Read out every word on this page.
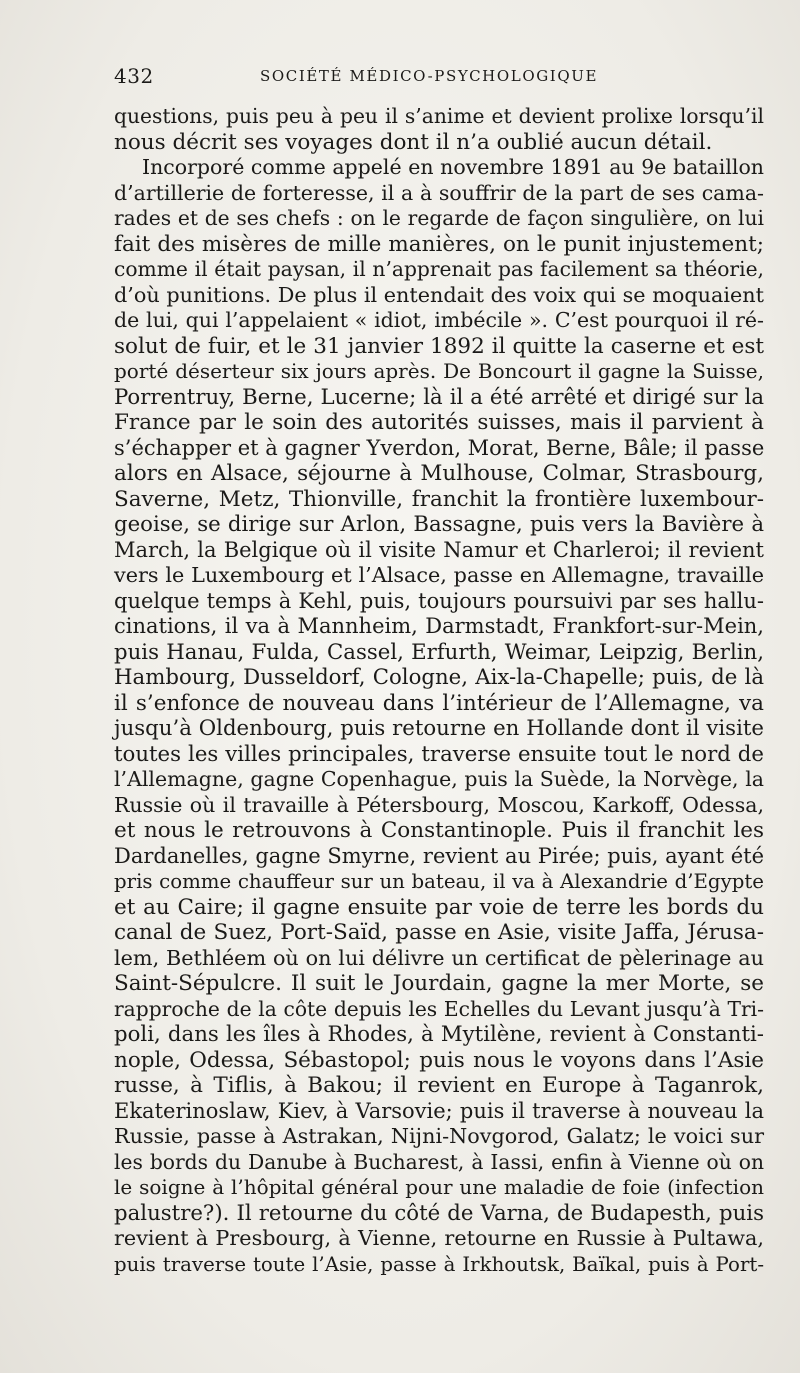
432	SOCIÉTÉ MÉDICO-PSYCHOLOGIQUE
questions, puis peu à peu il s’anime et devient prolixe lorsqu’il
nous décrit ses voyages dont il n’a oublié aucun détail.
Incorporé comme appelé en novembre 1891 au 9e bataillon
d’artillerie de forteresse, il a à souffrir de la part de ses cama-
rades et de ses chefs : on le regarde de façon singulière, on lui
fait des misères de mille manières, on le punit injustement;
comme il était paysan, il n’apprenait pas facilement sa théorie,
d’où punitions. De plus il entendait des voix qui se moquaient
de lui, qui l’appelaient « idiot, imbécile ». C’est pourquoi il ré-
solut de fuir, et le 31 janvier 1892 il quitte la caserne et est
porté déserteur six jours après. De Boncourt il gagne la Suisse,
Porrentruy, Berne, Lucerne; là il a été arrêté et dirigé sur la
France par le soin des autorités suisses, mais il parvient à
s’échapper et à gagner Yverdon, Morat, Berne, Bâle; il passe
alors en Alsace, séjourne à Mulhouse, Colmar, Strasbourg,
Saverne, Metz, Thionville, franchit la frontière luxembour-
geoise, se dirige sur Arlon, Bassagne, puis vers la Bavière à
March, la Belgique où il visite Namur et Charleroi; il revient
vers le Luxembourg et l’Alsace, passe en Allemagne, travaille
quelque temps à Kehl, puis, toujours poursuivi par ses hallu-
cinations, il va à Mannheim, Darmstadt, Frankfort-sur-Mein,
puis Hanau, Fulda, Cassel, Erfurth, Weimar, Leipzig, Berlin,
Hambourg, Dusseldorf, Cologne, Aix-la-Chapelle; puis, de là
il s’enfonce de nouveau dans l’intérieur de l’Allemagne, va
jusqu’à Oldenbourg, puis retourne en Hollande dont il visite
toutes les villes principales, traverse ensuite tout le nord de
l’Allemagne, gagne Copenhague, puis la Suède, la Norvège, la
Russie où il travaille à Pétersbourg, Moscou, Karkoff, Odessa,
et nous le retrouvons à Constantinople. Puis il franchit les
Dardanelles, gagne Smyrne, revient au Pirée; puis, ayant été
pris comme chauffeur sur un bateau, il va à Alexandrie d’Egypte
et au Caire; il gagne ensuite par voie de terre les bords du
canal de Suez, Port-Saïd, passe en Asie, visite Jaffa, Jérusa-
lem, Bethléem où on lui délivre un certificat de pèlerinage au
Saint-Sépulcre. Il suit le Jourdain, gagne la mer Morte, se
rapproche de la côte depuis les Echelles du Levant jusqu’à Tri-
poli, dans les îles à Rhodes, à Mytilène, revient à Constanti-
nople, Odessa, Sébastopol; puis nous le voyons dans l’Asie
russe, à Tiflis, à Bakou; il revient en Europe à Taganrok,
Ekaterinoslaw, Kiev, à Varsovie; puis il traverse à nouveau la
Russie, passe à Astrakan, Nijni-Novgorod, Galatz; le voici sur
les bords du Danube à Bucharest, à Iassi, enfin à Vienne où on
le soigne à l’hôpital général pour une maladie de foie (infection
palustre?). Il retourne du côté de Varna, de Budapesth, puis
revient à Presbourg, à Vienne, retourne en Russie à Pultawa,
puis traverse toute l’Asie, passe à Irkhoutsk, Baïkal, puis à Port-
